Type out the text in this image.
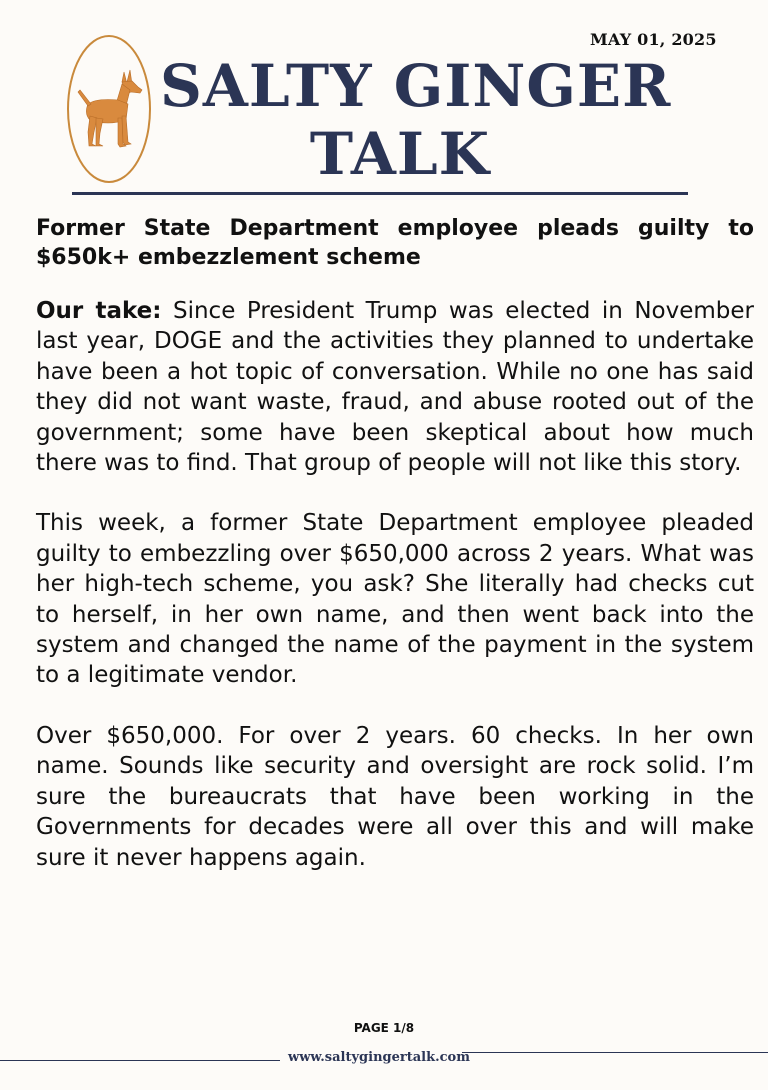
MAY 01, 2025
SALTY GINGER
TALK
Former State Department employee pleads guilty to $650k+ embezzlement scheme

Our take: Since President Trump was elected in November last year, DOGE and the activities they planned to undertake have been a hot topic of conversation. While no one has said they did not want waste, fraud, and abuse rooted out of the government; some have been skeptical about how much there was to find. That group of people will not like this story.

This week, a former State Department employee pleaded guilty to embezzling over $650,000 across 2 years. What was her high-tech scheme, you ask? She literally had checks cut to herself, in her own name, and then went back into the system and changed the name of the payment in the system to a legitimate vendor.

Over $650,000. For over 2 years. 60 checks. In her own name. Sounds like security and oversight are rock solid. I’m sure the bureaucrats that have been working in the Governments for decades were all over this and will make sure it never happens again.

PAGE 1/8
www.saltygingertalk.com
